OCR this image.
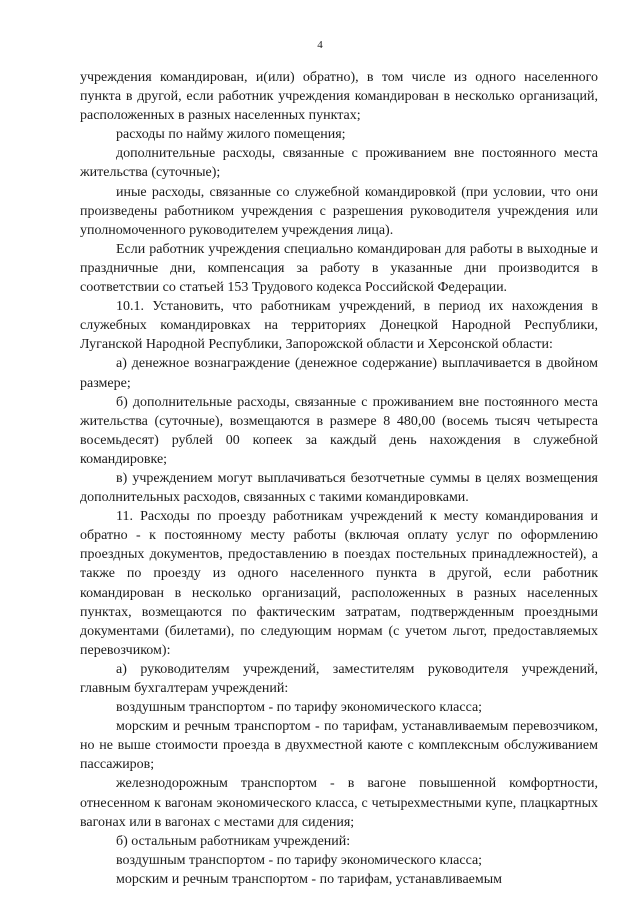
4

учреждения командирован, и(или) обратно), в том числе из одного населенного пункта в другой, если работник учреждения командирован в несколько организаций, расположенных в разных населенных пунктах;

расходы по найму жилого помещения;

дополнительные расходы, связанные с проживанием вне постоянного места жительства (суточные);

иные расходы, связанные со служебной командировкой (при условии, что они произведены работником учреждения с разрешения руководителя учреждения или уполномоченного руководителем учреждения лица).

Если работник учреждения специально командирован для работы в выходные и праздничные дни, компенсация за работу в указанные дни производится в соответствии со статьей 153 Трудового кодекса Российской Федерации.

10.1. Установить, что работникам учреждений, в период их нахождения в служебных командировках на территориях Донецкой Народной Республики, Луганской Народной Республики, Запорожской области и Херсонской области:

а) денежное вознаграждение (денежное содержание) выплачивается в двойном размере;

б) дополнительные расходы, связанные с проживанием вне постоянного места жительства (суточные), возмещаются в размере 8 480,00 (восемь тысяч четыреста восемьдесят) рублей 00 копеек за каждый день нахождения в служебной командировке;

в) учреждением могут выплачиваться безотчетные суммы в целях возмещения дополнительных расходов, связанных с такими командировками.

11. Расходы по проезду работникам учреждений к месту командирования и обратно - к постоянному месту работы (включая оплату услуг по оформлению проездных документов, предоставлению в поездах постельных принадлежностей), а также по проезду из одного населенного пункта в другой, если работник командирован в несколько организаций, расположенных в разных населенных пунктах, возмещаются по фактическим затратам, подтвержденным проездными документами (билетами), по следующим нормам (с учетом льгот, предоставляемых перевозчиком):

а) руководителям учреждений, заместителям руководителя учреждений, главным бухгалтерам учреждений:

воздушным транспортом - по тарифу экономического класса;

морским и речным транспортом - по тарифам, устанавливаемым перевозчиком, но не выше стоимости проезда в двухместной каюте с комплексным обслуживанием пассажиров;

железнодорожным транспортом - в вагоне повышенной комфортности, отнесенном к вагонам экономического класса, с четырехместными купе, плацкартных вагонах или в вагонах с местами для сидения;

б) остальным работникам учреждений:

воздушным транспортом - по тарифу экономического класса;

морским и речным транспортом - по тарифам, устанавливаемым
